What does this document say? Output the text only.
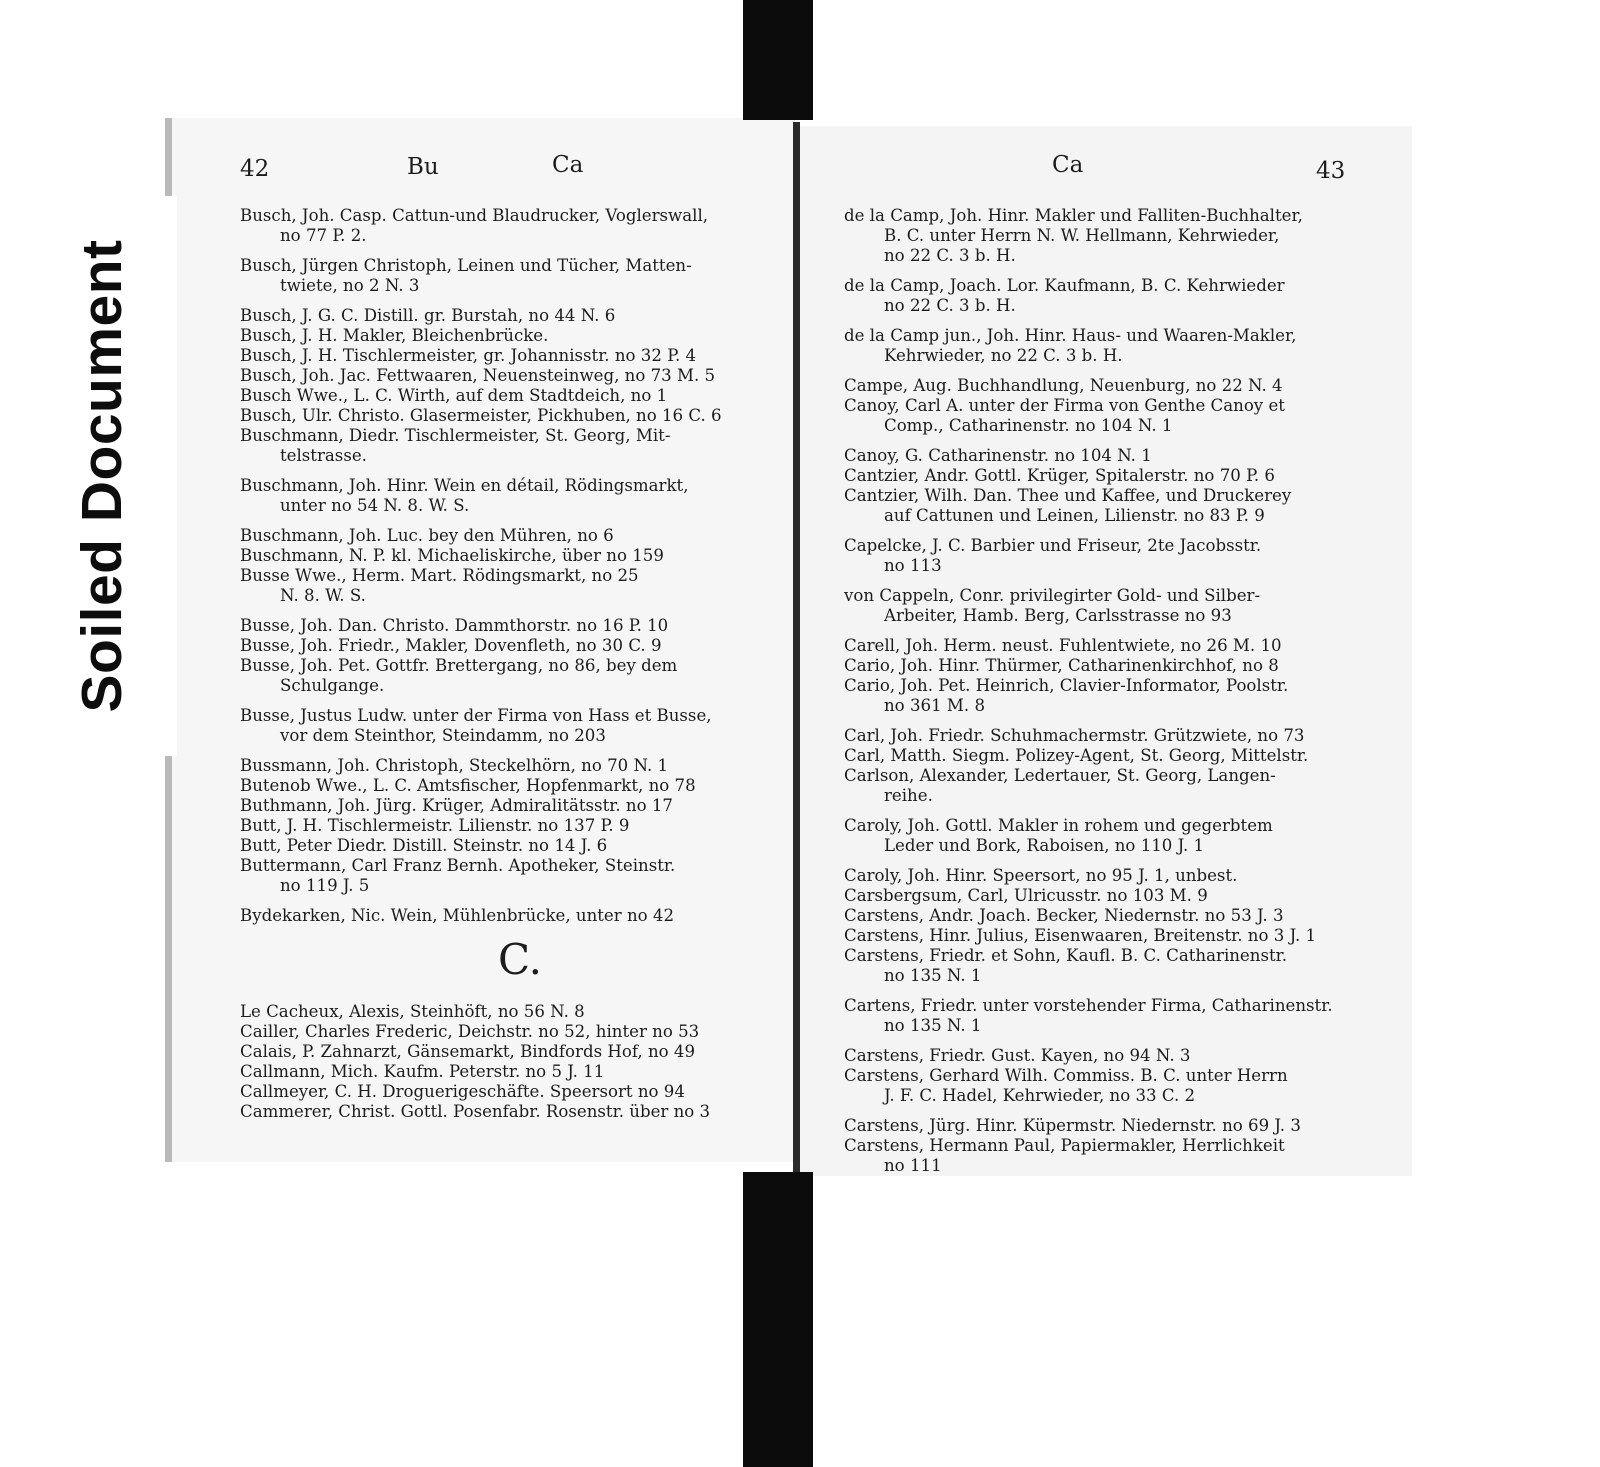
Soiled Document
42	Bu	Ca
Busch, Joh. Casp. Cattun-und Blaudrucker, Voglerswall,
no 77 P. 2.
Busch, Jürgen Christoph, Leinen und Tücher, Matten-
twiete, no 2 N. 3
Busch, J. G. C. Distill. gr. Burstah, no 44 N. 6
Busch, J. H. Makler, Bleichenbrücke.
Busch, J. H. Tischlermeister, gr. Johannisstr. no 32 P. 4
Busch, Joh. Jac. Fettwaaren, Neuensteinweg, no 73 M. 5
Busch Wwe., L. C. Wirth, auf dem Stadtdeich, no 1
Busch, Ulr. Christo. Glasermeister, Pickhuben, no 16 C. 6
Buschmann, Diedr. Tischlermeister, St. Georg, Mit-
telstrasse.
Buschmann, Joh. Hinr. Wein en détail, Rödingsmarkt,
unter no 54 N. 8. W. S.
Buschmann, Joh. Luc. bey den Mühren, no 6
Buschmann, N. P. kl. Michaeliskirche, über no 159
Busse Wwe., Herm. Mart. Rödingsmarkt, no 25
N. 8. W. S.
Busse, Joh. Dan. Christo. Dammthorstr. no 16 P. 10
Busse, Joh. Friedr., Makler, Dovenfleth, no 30 C. 9
Busse, Joh. Pet. Gottfr. Brettergang, no 86, bey dem
Schulgange.
Busse, Justus Ludw. unter der Firma von Hass et Busse,
vor dem Steinthor, Steindamm, no 203
Bussmann, Joh. Christoph, Steckelhörn, no 70 N. 1
Butenob Wwe., L. C. Amtsfischer, Hopfenmarkt, no 78
Buthmann, Joh. Jürg. Krüger, Admiralitätsstr. no 17
Butt, J. H. Tischlermeistr. Lilienstr. no 137 P. 9
Butt, Peter Diedr. Distill. Steinstr. no 14 J. 6
Buttermann, Carl Franz Bernh. Apotheker, Steinstr.
no 119 J. 5
Bydekarken, Nic. Wein, Mühlenbrücke, unter no 42
C.
Le Cacheux, Alexis, Steinhöft, no 56 N. 8
Cailler, Charles Frederic, Deichstr. no 52, hinter no 53
Calais, P. Zahnarzt, Gänsemarkt, Bindfords Hof, no 49
Callmann, Mich. Kaufm. Peterstr. no 5 J. 11
Callmeyer, C. H. Droguerigeschäfte. Speersort no 94
Cammerer, Christ. Gottl. Posenfabr. Rosenstr. über no 3
Ca	43
de la Camp, Joh. Hinr. Makler und Falliten-Buchhalter,
B. C. unter Herrn N. W. Hellmann, Kehrwieder,
no 22 C. 3 b. H.
de la Camp, Joach. Lor. Kaufmann, B. C. Kehrwieder
no 22 C. 3 b. H.
de la Camp jun., Joh. Hinr. Haus- und Waaren-Makler,
Kehrwieder, no 22 C. 3 b. H.
Campe, Aug. Buchhandlung, Neuenburg, no 22 N. 4
Canoy, Carl A. unter der Firma von Genthe Canoy et
Comp., Catharinenstr. no 104 N. 1
Canoy, G. Catharinenstr. no 104 N. 1
Cantzier, Andr. Gottl. Krüger, Spitalerstr. no 70 P. 6
Cantzier, Wilh. Dan. Thee und Kaffee, und Druckerey
auf Cattunen und Leinen, Lilienstr. no 83 P. 9
Capelcke, J. C. Barbier und Friseur, 2te Jacobsstr.
no 113
von Cappeln, Conr. privilegirter Gold- und Silber-
Arbeiter, Hamb. Berg, Carlsstrasse no 93
Carell, Joh. Herm. neust. Fuhlentwiete, no 26 M. 10
Cario, Joh. Hinr. Thürmer, Catharinenkirchhof, no 8
Cario, Joh. Pet. Heinrich, Clavier-Informator, Poolstr.
no 361 M. 8
Carl, Joh. Friedr. Schuhmachermstr. Grützwiete, no 73
Carl, Matth. Siegm. Polizey-Agent, St. Georg, Mittelstr.
Carlson, Alexander, Ledertauer, St. Georg, Langen-
reihe.
Caroly, Joh. Gottl. Makler in rohem und gegerbtem
Leder und Bork, Raboisen, no 110 J. 1
Caroly, Joh. Hinr. Speersort, no 95 J. 1, unbest.
Carsbergsum, Carl, Ulricusstr. no 103 M. 9
Carstens, Andr. Joach. Becker, Niedernstr. no 53 J. 3
Carstens, Hinr. Julius, Eisenwaaren, Breitenstr. no 3 J. 1
Carstens, Friedr. et Sohn, Kaufl. B. C. Catharinenstr.
no 135 N. 1
Cartens, Friedr. unter vorstehender Firma, Catharinenstr.
no 135 N. 1
Carstens, Friedr. Gust. Kayen, no 94 N. 3
Carstens, Gerhard Wilh. Commiss. B. C. unter Herrn
J. F. C. Hadel, Kehrwieder, no 33 C. 2
Carstens, Jürg. Hinr. Küpermstr. Niedernstr. no 69 J. 3
Carstens, Hermann Paul, Papiermakler, Herrlichkeit
no 111
